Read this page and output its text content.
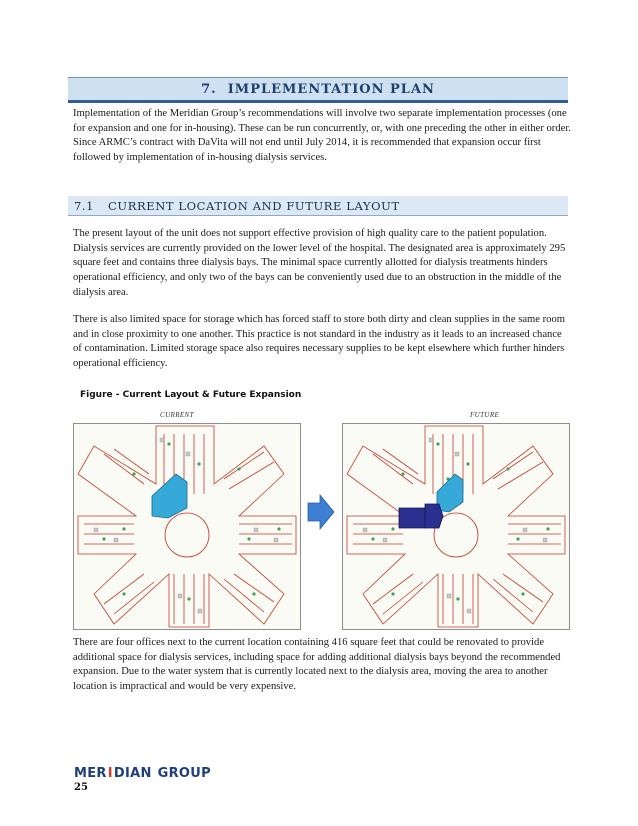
7.
IMPLEMENTATION PLAN

Implementation of the Meridian Group’s recommendations will involve two separate implementation processes (one for expansion and one for in-housing). These can be run concurrently, or, with one preceding the other in either order. Since ARMC’s contract with DaVita will not end until July 2014, it is recommended that expansion occur first followed by implementation of in-housing dialysis services.

7.1	CURRENT LOCATION AND FUTURE LAYOUT

The present layout of the unit does not support effective provision of high quality care to the patient population. Dialysis services are currently provided on the lower level of the hospital. The designated area is approximately 295 square feet and contains three dialysis bays. The minimal space currently allotted for dialysis treatments hinders operational efficiency, and only two of the bays can be conveniently used due to an obstruction in the middle of the dialysis area.

There is also limited space for storage which has forced staff to store both dirty and clean supplies in the same room and in close proximity to one another. This practice is not standard in the industry as it leads to an increased chance of contamination. Limited storage space also requires necessary supplies to be kept elsewhere which further hinders operational efficiency.

Figure - Current Layout & Future Expansion
CURRENT	FUTURE

There are four offices next to the current location containing 416 square feet that could be renovated to provide additional space for dialysis services, including space for adding additional dialysis bays beyond the recommended expansion. Due to the water system that is currently located next to the dialysis area, moving the area to another location is impractical and would be very expensive.

MER I DIAN GROUP
25
